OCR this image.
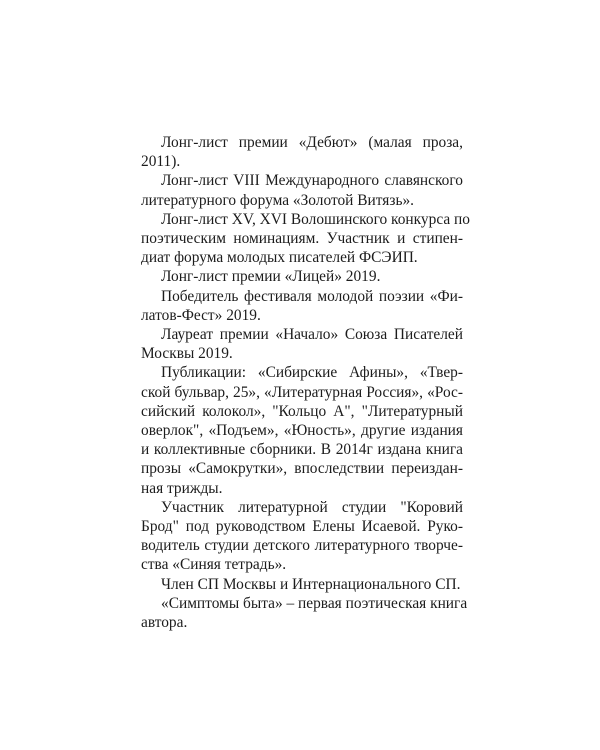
Лонг-лист премии «Дебют» (малая проза,
2011).

Лонг-лист VIII Международного славянского
литературного форума «Золотой Витязь».

Лонг-лист XV, XVI Волошинского конкурса по
поэтическим номинациям. Участник и стипен-
диат форума молодых писателей ФСЭИП.

Лонг-лист премии «Лицей» 2019.

Победитель фестиваля молодой поэзии «Фи-
латов-Фест» 2019.

Лауреат премии «Начало» Союза Писателей
Москвы 2019.

Публикации: «Сибирские Афины», «Твер-
ской бульвар, 25», «Литературная Россия», «Рос-
сийский колокол», "Кольцо А", "Литературный
оверлок", «Подъем», «Юность», другие издания
и коллективные сборники. В 2014г издана книга
прозы «Самокрутки», впоследствии переиздан-
ная трижды.

Участник литературной студии "Коровий
Брод" под руководством Елены Исаевой. Руко-
водитель студии детского литературного творче-
ства «Синяя тетрадь».

Член СП Москвы и Интернационального СП.

«Симптомы быта» – первая поэтическая книга
автора.
